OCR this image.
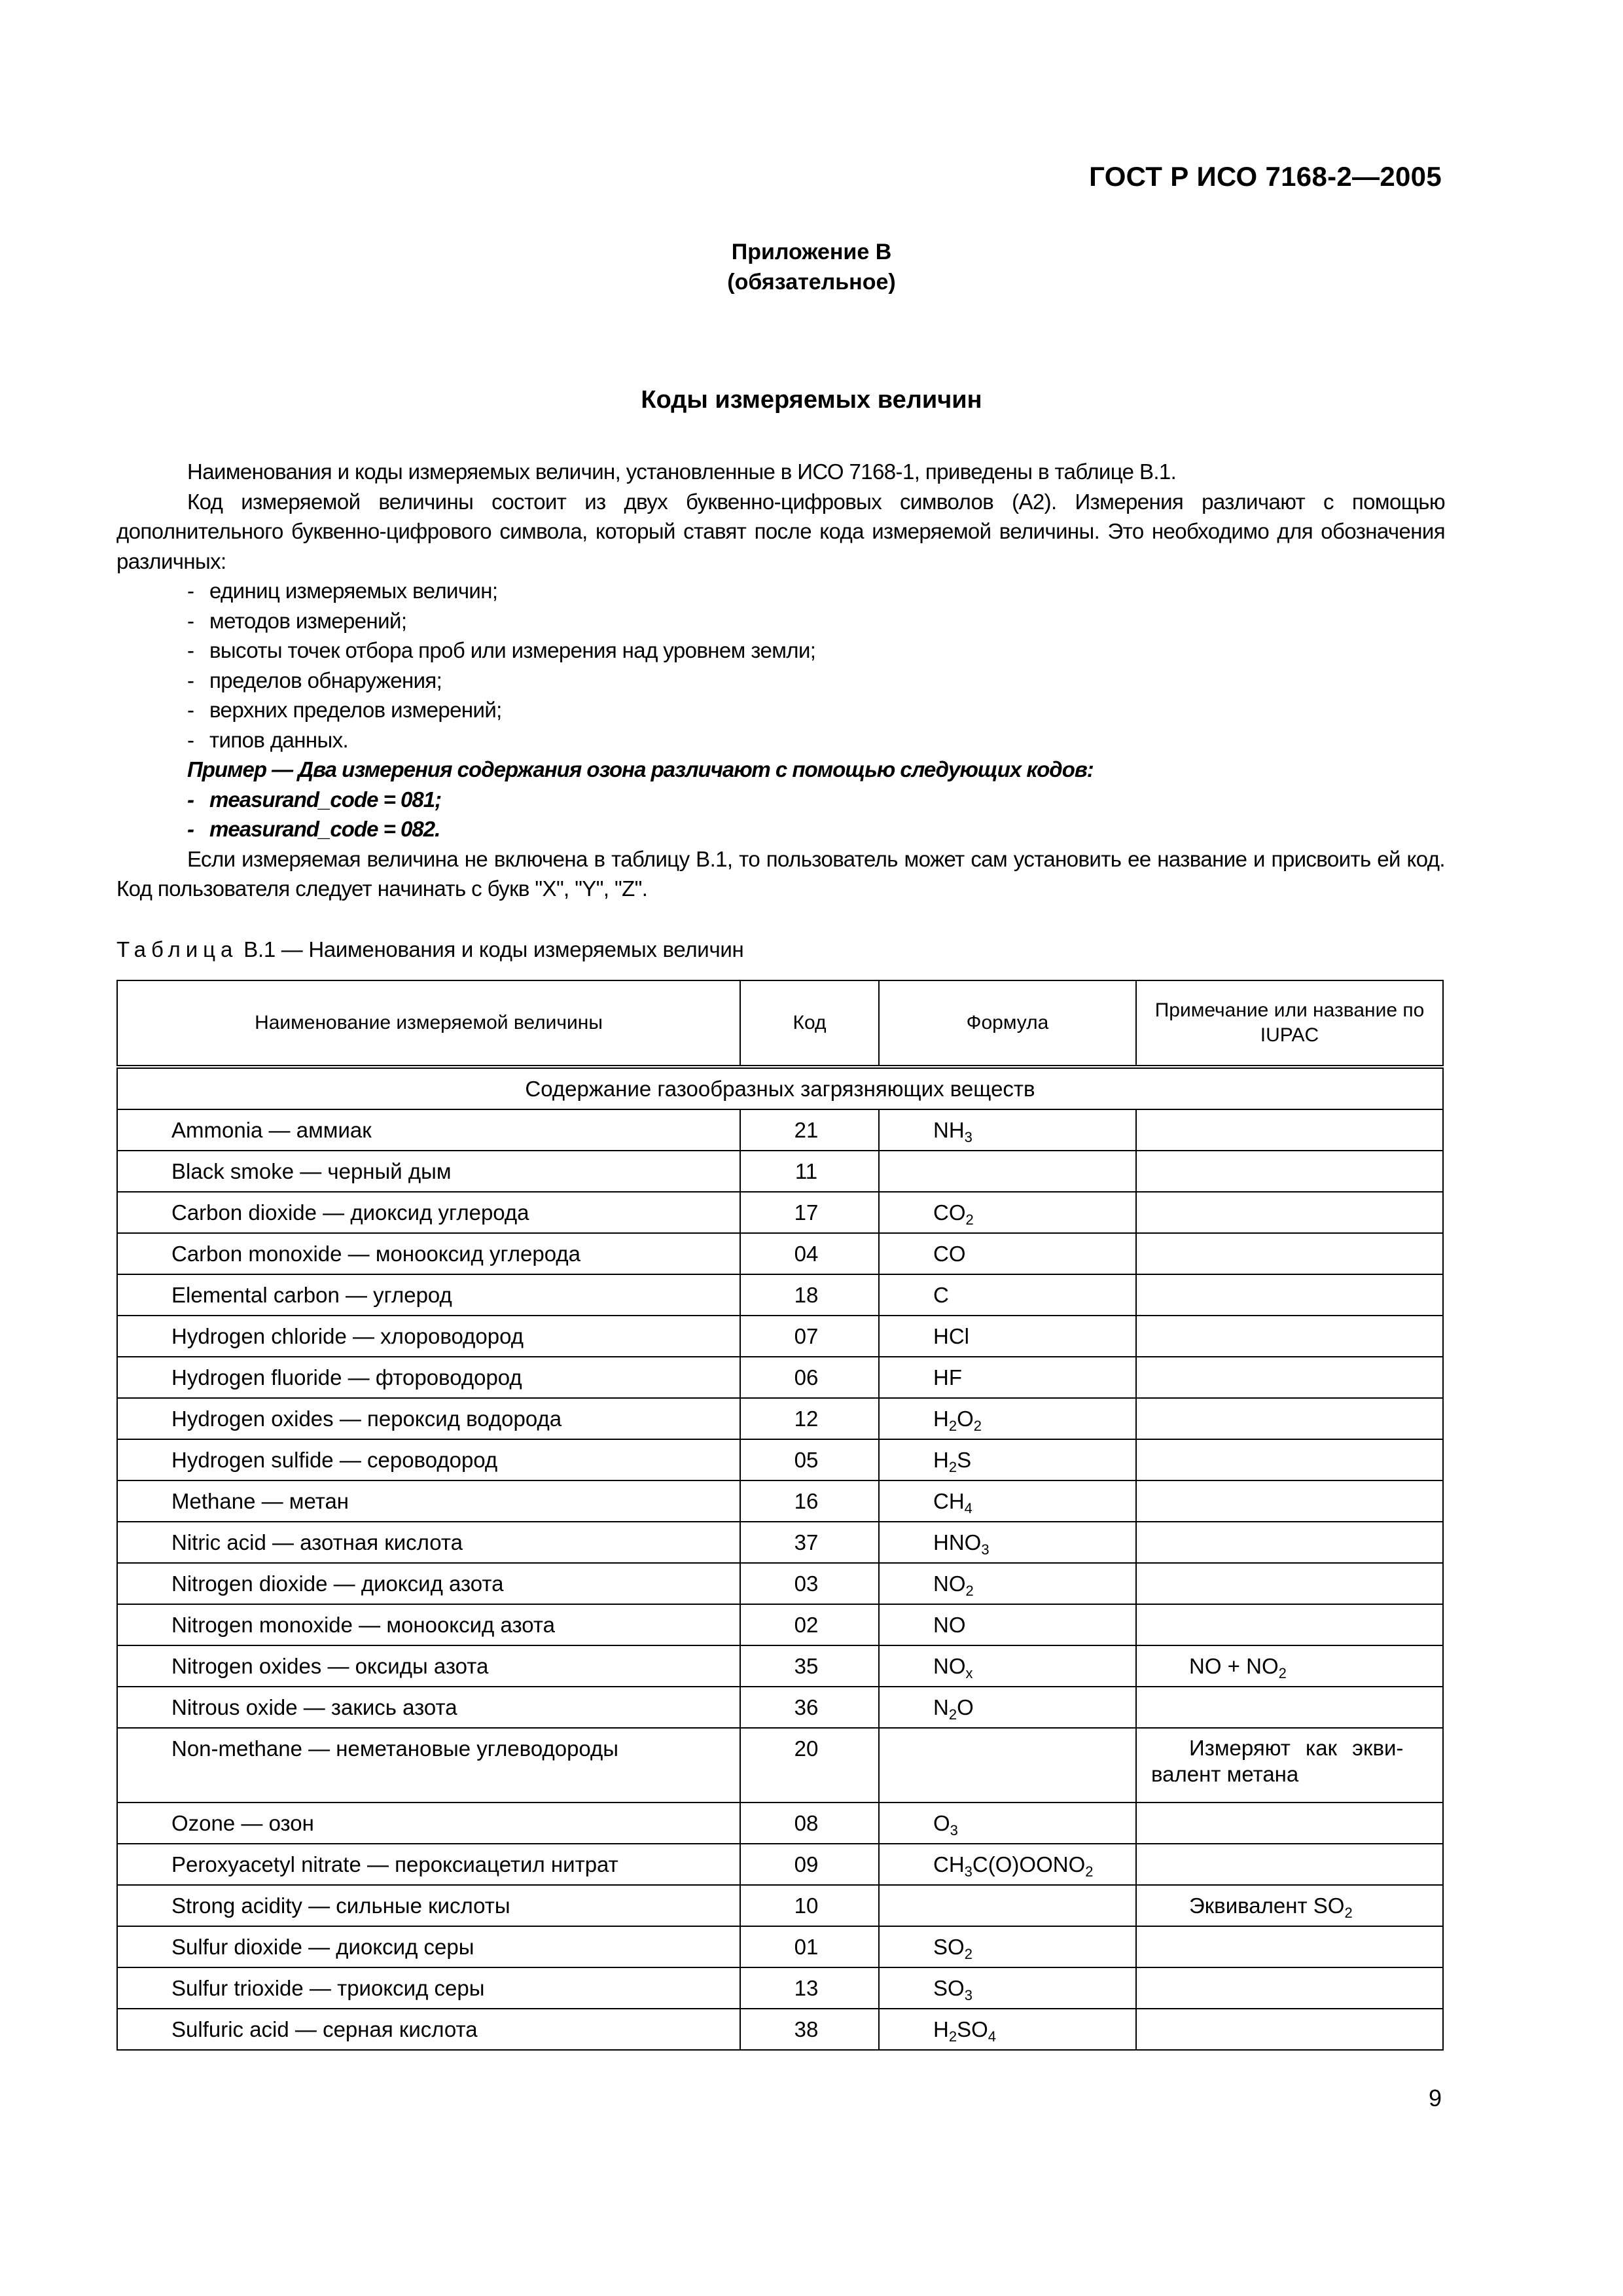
ГОСТ Р ИСО 7168-2—2005
Приложение В
(обязательное)
Коды измеряемых величин

Наименования и коды измеряемых величин, установленные в ИСО 7168-1, приведены в таблице В.1.

Код измеряемой величины состоит из двух буквенно-цифровых символов (A2). Измерения различают с помощью дополнительного буквенно-цифрового символа, который ставят после кода измеряемой величины. Это необходимо для обозначения различных:

- единиц измеряемых величин;
- методов измерений;
- высоты точек отбора проб или измерения над уровнем земли;
- пределов обнаружения;
- верхних пределов измерений;
- типов данных.
Пример — Два измерения содержания озона различают с помощью следующих кодов:
- measurand_code = 081;
- measurand_code = 082.

Если измеряемая величина не включена в таблицу В.1, то пользователь может сам установить ее название и присвоить ей код. Код пользователя следует начинать с букв "X", "Y", "Z".

Таблица В.1 — Наименования и коды измеряемых величин
Наименование измеряемой величины	Код	Формула	Примечание или название по IUPAC
Содержание газообразных загрязняющих веществ			
Ammonia — аммиак	21	$NH_3$	
Black smoke — черный дым	11		
Carbon dioxide — диоксид углерода	17	$CO_2$	
Carbon monoxide — монооксид углерода	04	CO	
Elemental carbon — углерод	18	C	
Hydrogen chloride — хлороводород	07	HCl	
Hydrogen fluoride — фтороводород	06	HF	
Hydrogen oxides — пероксид водорода	12	$H_2O_2$	
Hydrogen sulfide — сероводород	05	$H_2S$	
Methane — метан	16	$CH_4$	
Nitric acid — азотная кислота	37	$HNO_3$	
Nitrogen dioxide — диоксид азота	03	$NO_2$	
Nitrogen monoxide — монооксид азота	02	NO	
Nitrogen oxides — оксиды азота	35	$NO_x$	NO + $NO_2$
Nitrous oxide — закись азота	36	$N_2O$	
Non-methane — неметановые углеводороды	20		Измеряют как экви-
валент метана

Ozone — озон	08	$O_3$	
Peroxyacetyl nitrate — пероксиацетил нитрат	09	$CH_3C(O)OONO_2$	
Strong acidity — сильные кислоты	10		Эквивалент $SO_2$
Sulfur dioxide — диоксид серы	01	$SO_2$	
Sulfur trioxide — триоксид серы	13	$SO_3$	
Sulfuric acid — серная кислота	38	$H_2SO_4$	
9
